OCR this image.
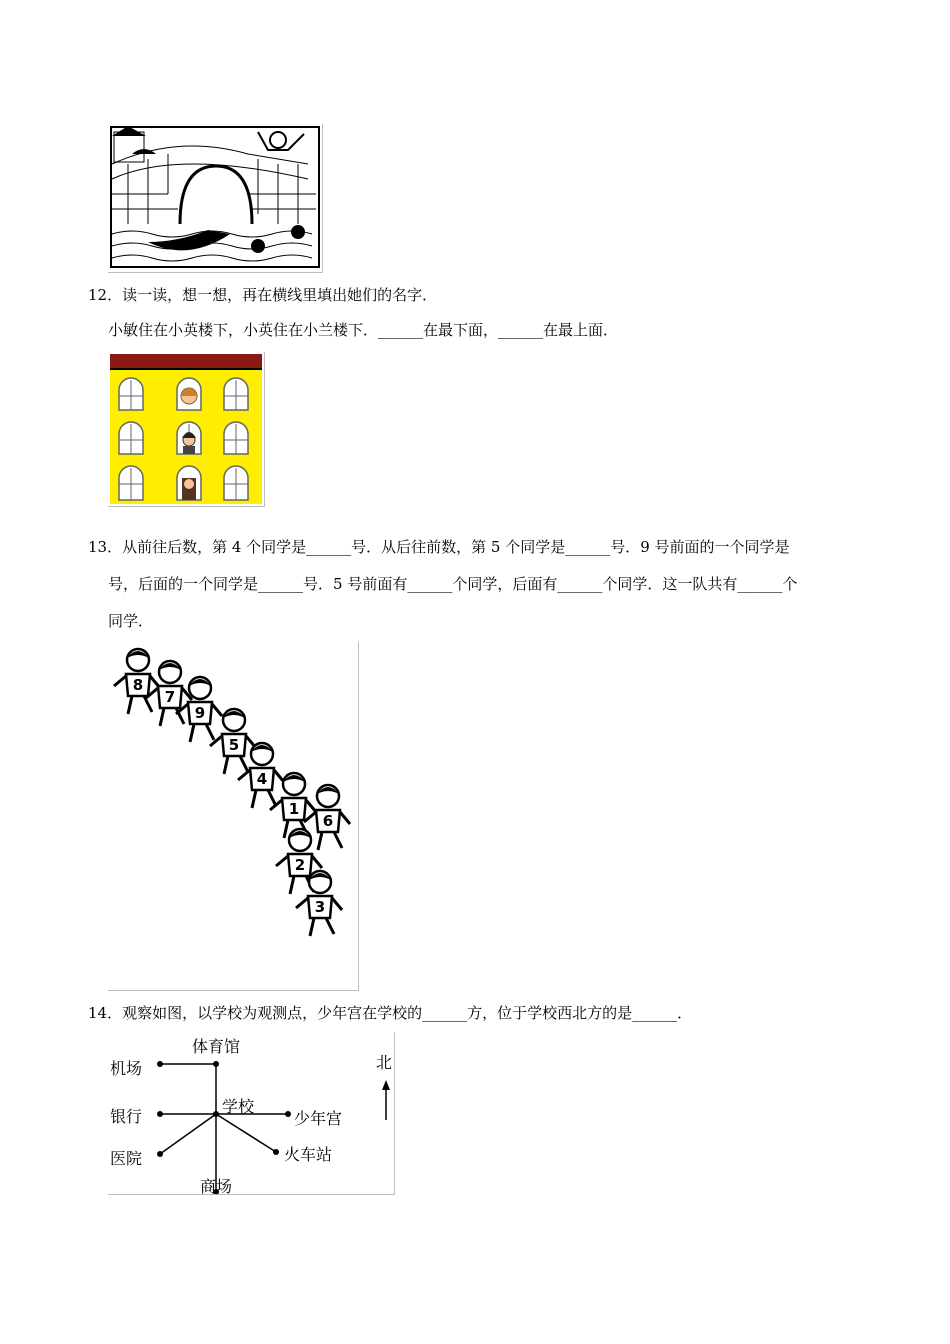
12．读一读，想一想，再在横线里填出她们的名字．
小敏住在小英楼下，小英住在小兰楼下．______在最下面，______在最上面．
13．从前往后数，第 4 个同学是______号．从后往前数，第 5 个同学是______号．9 号前面的一个同学是
号，后面的一个同学是______号．5 号前面有______个同学，后面有______个同学．这一队共有______个
同学．
8
7
9
5
4
1
6
2
3
14．观察如图，以学校为观测点，少年宫在学校的______方，位于学校西北方的是______．
体育馆
机场
银行
学校
少年宫
医院	火车站
商场
北
